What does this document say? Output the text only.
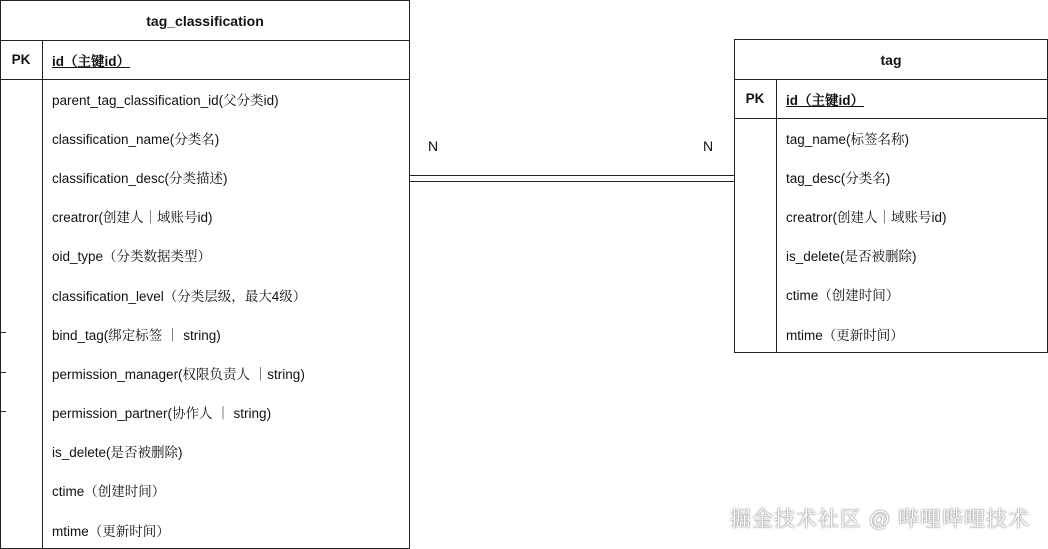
tag_classification
PK	id（主键id）
parent_tag_classification_id(父分类id)
classification_name(分类名)
classification_desc(分类描述)
creatror(创建人｜域账号id)
oid_type（分类数据类型）
classification_level（分类层级，最大4级）
bind_tag(绑定标签 ｜ string)
permission_manager(权限负责人 ｜string)
permission_partner(协作人 ｜ string)
is_delete(是否被删除)
ctime（创建时间）
mtime（更新时间）
N	N
tag
PK	id（主键id）
tag_name(标签名称)
tag_desc(分类名)
creatror(创建人｜域账号id)
is_delete(是否被删除)
ctime（创建时间）
mtime（更新时间）
掘金技术社区 @ 哔哩哔哩技术
